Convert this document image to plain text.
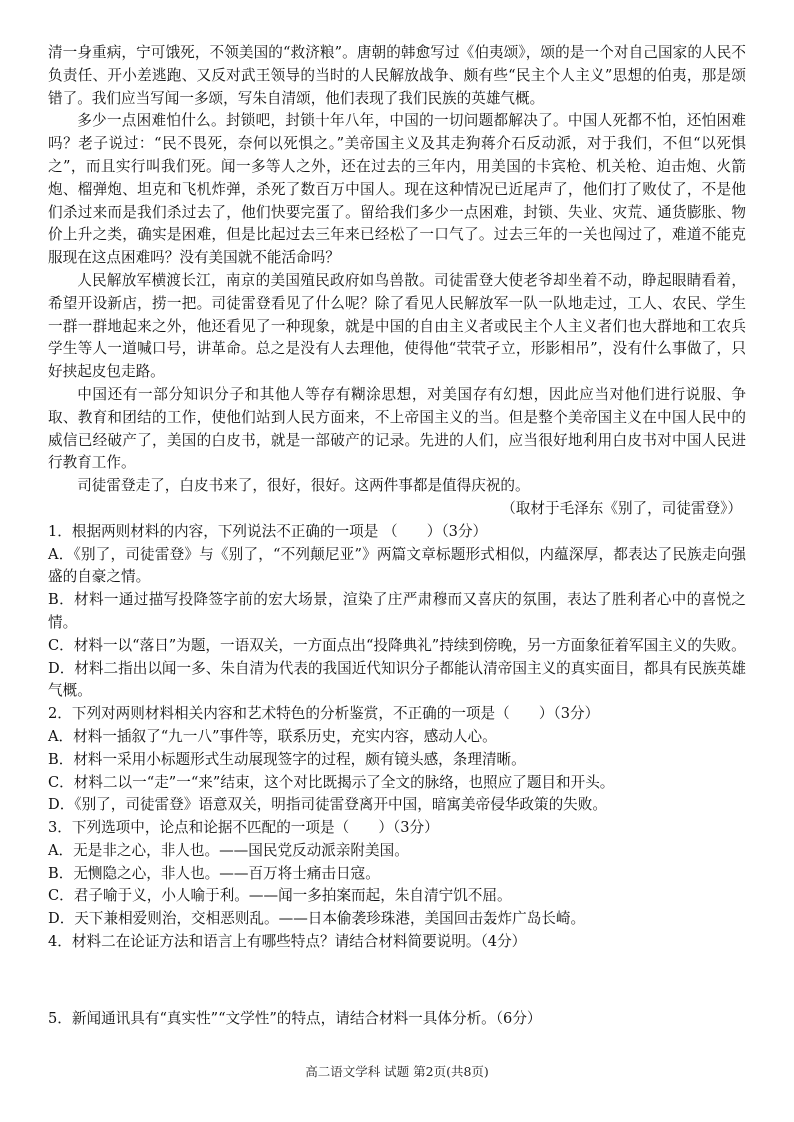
清一身重病，宁可饿死，不领美国的“救济粮”。唐朝的韩愈写过《伯夷颂》，颂的是一个对自己国家的人民不负责任、开小差逃跑、又反对武王领导的当时的人民解放战争、颇有些“民主个人主义”思想的伯夷，那是颂错了。我们应当写闻一多颂，写朱自清颂，他们表现了我们民族的英雄气概。

多少一点困难怕什么。封锁吧，封锁十年八年，中国的一切问题都解决了。中国人死都不怕，还怕困难吗？老子说过：“民不畏死，奈何以死惧之。”美帝国主义及其走狗蒋介石反动派，对于我们，不但“以死惧之”，而且实行叫我们死。闻一多等人之外，还在过去的三年内，用美国的卡宾枪、机关枪、迫击炮、火箭炮、榴弹炮、坦克和飞机炸弹，杀死了数百万中国人。现在这种情况已近尾声了，他们打了败仗了，不是他们杀过来而是我们杀过去了，他们快要完蛋了。留给我们多少一点困难，封锁、失业、灾荒、通货膨胀、物价上升之类，确实是困难，但是比起过去三年来已经松了一口气了。过去三年的一关也闯过了，难道不能克服现在这点困难吗？没有美国就不能活命吗？

人民解放军横渡长江，南京的美国殖民政府如鸟兽散。司徒雷登大使老爷却坐着不动，睁起眼睛看着，希望开设新店，捞一把。司徒雷登看见了什么呢？除了看见人民解放军一队一队地走过，工人、农民、学生一群一群地起来之外，他还看见了一种现象，就是中国的自由主义者或民主个人主义者们也大群地和工农兵学生等人一道喊口号，讲革命。总之是没有人去理他，使得他“茕茕孑立，形影相吊”，没有什么事做了，只好挟起皮包走路。

中国还有一部分知识分子和其他人等存有糊涂思想，对美国存有幻想，因此应当对他们进行说服、争取、教育和团结的工作，使他们站到人民方面来，不上帝国主义的当。但是整个美帝国主义在中国人民中的威信已经破产了，美国的白皮书，就是一部破产的记录。先进的人们，应当很好地利用白皮书对中国人民进行教育工作。

司徒雷登走了，白皮书来了，很好，很好。这两件事都是值得庆祝的。

（取材于毛泽东《别了，司徒雷登》）

1．根据两则材料的内容，下列说法不正确的一项是 （　　）（3分）

A．《别了，司徒雷登》与《别了，“不列颠尼亚”》两篇文章标题形式相似，内蕴深厚，都表达了民族走向强盛的自豪之情。

B．材料一通过描写投降签字前的宏大场景，渲染了庄严肃穆而又喜庆的氛围，表达了胜利者心中的喜悦之情。

C．材料一以“落日”为题，一语双关，一方面点出“投降典礼”持续到傍晚，另一方面象征着军国主义的失败。

D．材料二指出以闻一多、朱自清为代表的我国近代知识分子都能认清帝国主义的真实面目，都具有民族英雄气概。

2．下列对两则材料相关内容和艺术特色的分析鉴赏，不正确的一项是（　　）（3分）

A．材料一插叙了“九一八”事件等，联系历史，充实内容，感动人心。

B．材料一采用小标题形式生动展现签字的过程，颇有镜头感，条理清晰。

C．材料二以一“走”一“来”结束，这个对比既揭示了全文的脉络，也照应了题目和开头。

D．《别了，司徒雷登》语意双关，明指司徒雷登离开中国，暗寓美帝侵华政策的失败。

3．下列选项中，论点和论据不匹配的一项是（　　）（3分）

A．无是非之心，非人也。——国民党反动派亲附美国。

B．无恻隐之心，非人也。——百万将士痛击日寇。

C．君子喻于义，小人喻于利。——闻一多拍案而起，朱自清宁饥不屈。

D．天下兼相爱则治，交相恶则乱。——日本偷袭珍珠港，美国回击轰炸广岛长崎。

4．材料二在论证方法和语言上有哪些特点？请结合材料简要说明。（4分）

5．新闻通讯具有“真实性”“文学性”的特点，请结合材料一具体分析。（6分）

高二语文学科 试题 第2页(共8页)
